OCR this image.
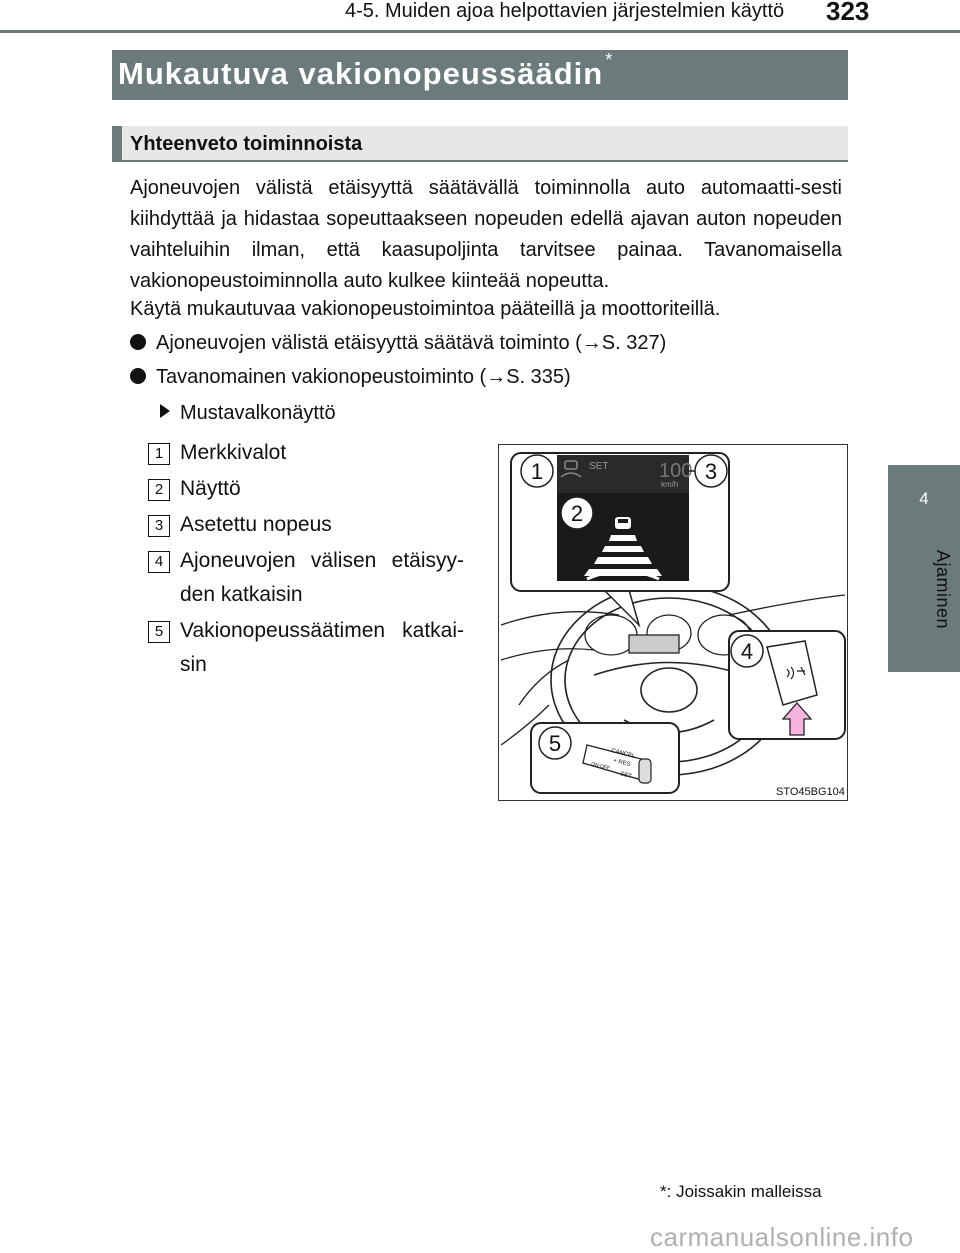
4-5. Muiden ajoa helpottavien järjestelmien käyttö 323
4
Ajaminen
Mukautuva vakionopeussäädin *
Yhteenveto toiminnoista
Ajoneuvojen välistä etäisyyttä säätävällä toiminnolla auto automaatti-sesti kiihdyttää ja hidastaa sopeuttaakseen nopeuden edellä ajavan auton nopeuden vaihteluihin ilman, että kaasupoljinta tarvitsee painaa. Tavanomaisella vakionopeustoiminnolla auto kulkee kiinteää nopeutta.
Käytä mukautuvaa vakionopeustoimintoa pääteillä ja moottoriteillä.
Ajoneuvojen välistä etäisyyttä säätävä toiminto (→S. 327)
Tavanomainen vakionopeustoiminto (→S. 335)
Mustavalkonäyttö
1 Merkkivalot
2 Näyttö
3 Asetettu nopeus
4 Ajoneuvojen välisen etäisyy-den katkaisin
5 Vakionopeussäätimen katkai-sin
SET	100
km/h
1	3
2
4
CANCEL
+ RES
– SET
ON-OFF
5
STO45BG104
*: Joissakin malleissa
carmanualsonline.info
